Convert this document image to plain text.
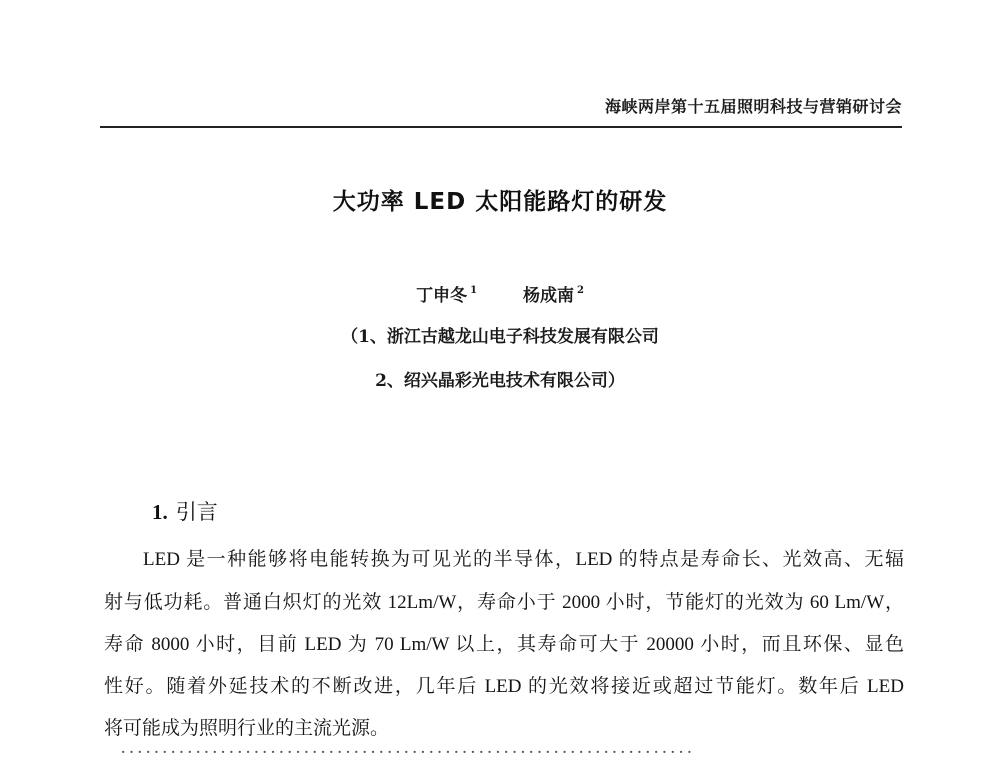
海峡两岸第十五届照明科技与营销研讨会
大功率 LED 太阳能路灯的研发
丁申冬 $^1$	杨成南 $^2$
（1、浙江古越龙山电子科技发展有限公司
2、绍兴晶彩光电技术有限公司）
1. 引言
LED 是一种能够将电能转换为可见光的半导体，LED 的特点是寿命长、光效高、无辐
射与低功耗。普通白炽灯的光效 12Lm/W，寿命小于 2000 小时，节能灯的光效为 60 Lm/W，
寿命 8000 小时，目前 LED 为 70 Lm/W 以上，其寿命可大于 20000 小时，而且环保、显色
性好。随着外延技术的不断改进，几年后 LED 的光效将接近或超过节能灯。数年后 LED
将可能成为照明行业的主流光源。
·····································································
